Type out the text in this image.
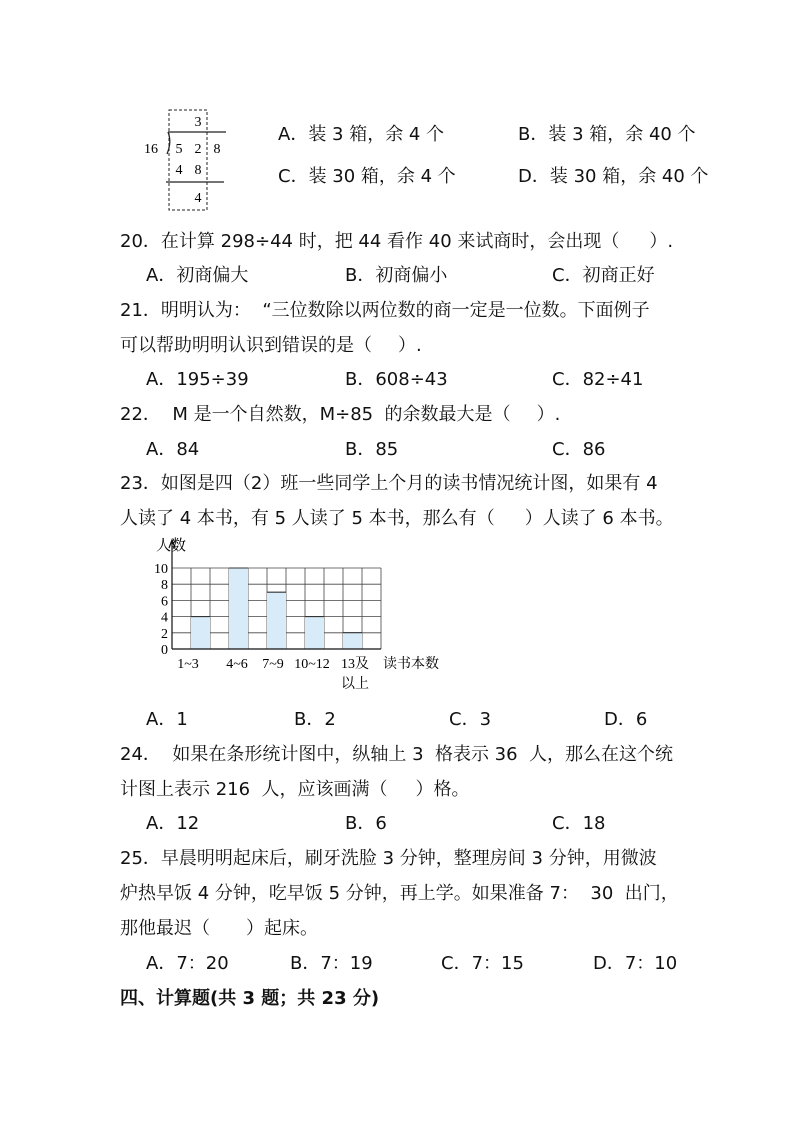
3
16 5 2 8
4 8
4
A．装 3 箱，余 4 个	B．装 3 箱，余 40 个
C．装 30 箱，余 4 个	D．装 30 箱，余 40 个
20．在计算 298÷44 时，把 44 看作 40 来试商时，会出现（ ）.
A．初商偏大	B．初商偏小	C．初商正好
21．明明认为：  “三位数除以两位数的商一定是一位数。下面例子
可以帮助明明认识到错误的是（ ）.
A．195÷39	B．608÷43	C．82÷41
22．  M 是一个自然数，M÷85  的余数最大是（ ）.
A．84	B．85	C．86
23．如图是四（2）班一些同学上个月的读书情况统计图，如果有 4
人读了 4 本书，有 5 人读了 5 本书，那么有（ ）人读了 6 本书。
0
2
4
6
8
10
人数
1~3 4~6 7~9 10~12 13及
以上
读书本数
A．1	B．2	C．3	D．6
24．  如果在条形统计图中，纵轴上 3  格表示 36  人，那么在这个统
计图上表示 216  人，应该画满（ ）格。
A．12	B．6	C．18
25．早晨明明起床后，刷牙洗脸 3 分钟，整理房间 3 分钟，用微波
炉热早饭 4 分钟，吃早饭 5 分钟，再上学。如果准备 7：  30  出门，
那他最迟（ ）起床。
A．7：20	B．7：19	C．7：15	D．7：10
四、计算题(共 3 题；共 23 分)
